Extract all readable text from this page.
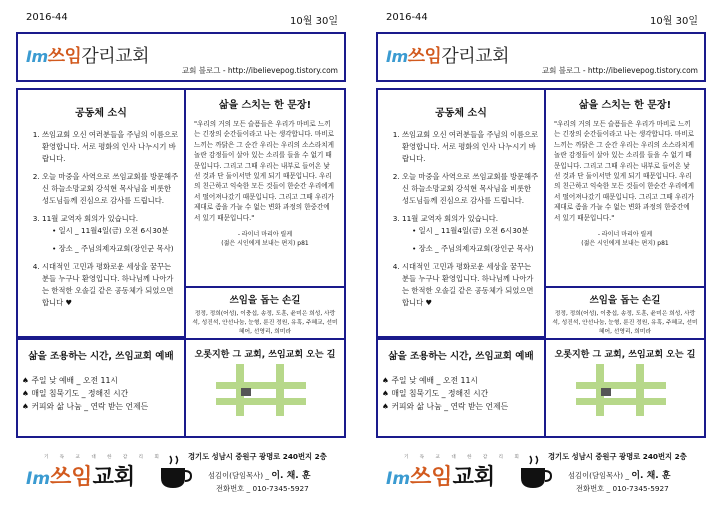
2016-44	10월 30일
Im쓰임감리교회
교회 블로그 - http://ibelievepog.tistory.com
공동체 소식
1. 쓰임교회 오신 여러분들을 주님의 이름으로 환영합니다. 서로 평화의 인사 나누시기 바랍니다.
2. 오늘 마중을 사역으로 쓰임교회를 방문해주신 하늘소망교회 강석현 목사님을 비롯한 성도님들께 진심으로 감사를 드립니다.
3. 11월 교역자 회의가 있습니다.
• 일시 _ 11월4일(금) 오전 6시30분
• 장소 _ 주님의제자교회(장인군 목사)
4. 시대적인 고민과 평화로운 세상을 꿈꾸는 분들 누구나 환영입니다. 하나님께 나아가는 한적한 오솔길 같은 공동체가 되었으면 합니다 ♥
삶을 스치는 한 문장!
"우리의 거의 모든 슬픔들은 우리가 마비로 느끼는 긴장의 순간들이라고 나는 생각합니다. 마비로 느끼는 까닭은 그 순간 우리는 우리의 소스라치게 놀란 감정들이 살아 있는 소리를 들을 수 없기 때문입니다. 그리고 그때 우리는 내부로 들어온 낯선 것과 단 둘이서만 있게 되기 때문입니다. 우리의 친근하고 익숙한 모든 것들이 한순간 우리에게서 떨어져나갔기 때문입니다. 그리고 그때 우리가 제대로 좀을 가늘 수 없는 변화 과정의 한중간에 서 있기 때문입니다."
- 라이너 마리아 릴케
(젊은 시인에게 보내는 편지) p81
쓰임을 돕는 손길
정정, 정희(어성), 이충섭, 송정, 도훈, 윤미은 희성, 사랑석, 성진석, 안선나눔, 눈형, 룬진 정원, 유혹, 주혜교, 선미혜어, 선영리, 희미라
삶을 조용하는 시간, 쓰임교회 예배
♠ 주일 낮 예배 _ 오전 11시
♠ 매일 침묵기도 _ 정해진 시간
♠ 커피와 삶 나눔 _ 연락 받는 언제든
오롯지한 그 교회, 쓰임교회 오는 길
기 독 교 대 한 감 리 회
Im쓰임교회
경기도 성남시 중원구 광명로 240번지 2층
섬김이(담임목사) _ 이. 채. 훈
전화번호 _ 010-7345-5927
2016-44	10월 30일
Im쓰임감리교회
교회 블로그 - http://ibelievepog.tistory.com
공동체 소식
1. 쓰임교회 오신 여러분들을 주님의 이름으로 환영합니다. 서로 평화의 인사 나누시기 바랍니다.
2. 오늘 마중을 사역으로 쓰임교회를 방문해주신 하늘소망교회 강석현 목사님을 비롯한 성도님들께 진심으로 감사를 드립니다.
3. 11월 교역자 회의가 있습니다.
• 일시 _ 11월4일(금) 오전 6시30분
• 장소 _ 주님의제자교회(장인군 목사)
4. 시대적인 고민과 평화로운 세상을 꿈꾸는 분들 누구나 환영입니다. 하나님께 나아가는 한적한 오솔길 같은 공동체가 되었으면 합니다 ♥
삶을 스치는 한 문장!
"우리의 거의 모든 슬픔들은 우리가 마비로 느끼는 긴장의 순간들이라고 나는 생각합니다. 마비로 느끼는 까닭은 그 순간 우리는 우리의 소스라치게 놀란 감정들이 살아 있는 소리를 들을 수 없기 때문입니다. 그리고 그때 우리는 내부로 들어온 낯선 것과 단 둘이서만 있게 되기 때문입니다. 우리의 친근하고 익숙한 모든 것들이 한순간 우리에게서 떨어져나갔기 때문입니다. 그리고 그때 우리가 제대로 좀을 가늘 수 없는 변화 과정의 한중간에 서 있기 때문입니다."
- 라이너 마리아 릴케
(젊은 시인에게 보내는 편지) p81
쓰임을 돕는 손길
정정, 정희(어성), 이충섭, 송정, 도훈, 윤미은 희성, 사랑석, 성진석, 안선나눔, 눈형, 룬진 정원, 유혹, 주혜교, 선미혜어, 선영리, 희미라
삶을 조용하는 시간, 쓰임교회 예배
♠ 주일 낮 예배 _ 오전 11시
♠ 매일 침묵기도 _ 정해진 시간
♠ 커피와 삶 나눔 _ 연락 받는 언제든
오롯지한 그 교회, 쓰임교회 오는 길
기 독 교 대 한 감 리 회
Im쓰임교회
경기도 성남시 중원구 광명로 240번지 2층
섬김이(담임목사) _ 이. 채. 훈
전화번호 _ 010-7345-5927
